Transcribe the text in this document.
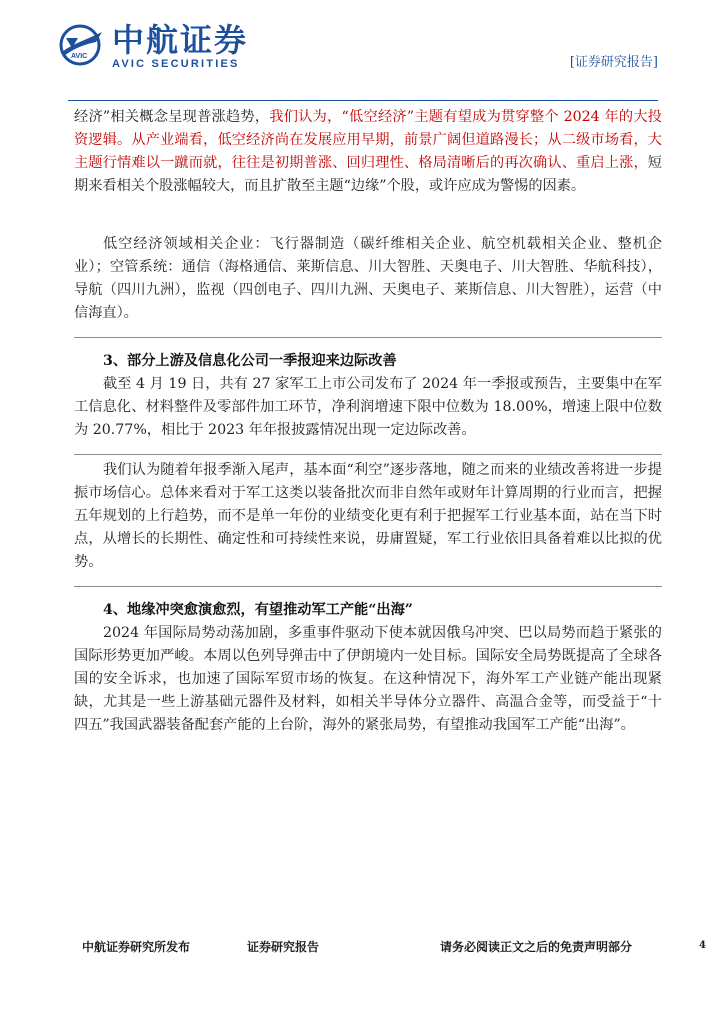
AVIC 中航证券
AVIC SECURITIES	[证券研究报告]

经济”相关概念呈现普涨趋势，我们认为，“低空经济”主题有望成为贯穿整个 2024 年的大投资逻辑。从产业端看，低空经济尚在发展应用早期，前景广阔但道路漫长；从二级市场看，大主题行情难以一蹴而就，往往是初期普涨、回归理性、格局清晰后的再次确认、重启上涨，短期来看相关个股涨幅较大，而且扩散至主题“边缘”个股，或许应成为警惕的因素。

低空经济领域相关企业：飞行器制造（碳纤维相关企业、航空机载相关企业、整机企业）；空管系统：通信（海格通信、莱斯信息、川大智胜、天奥电子、川大智胜、华航科技），导航（四川九洲），监视（四创电子、四川九洲、天奥电子、莱斯信息、川大智胜），运营（中信海直）。

3、部分上游及信息化公司一季报迎来边际改善

截至 4 月 19 日，共有 27 家军工上市公司发布了 2024 年一季报或预告，主要集中在军工信息化、材料整件及零部件加工环节，净利润增速下限中位数为 18.00%，增速上限中位数为 20.77%，相比于 2023 年年报披露情况出现一定边际改善。

我们认为随着年报季渐入尾声，基本面“利空”逐步落地，随之而来的业绩改善将进一步提振市场信心。总体来看对于军工这类以装备批次而非自然年或财年计算周期的行业而言，把握五年规划的上行趋势，而不是单一年份的业绩变化更有利于把握军工行业基本面，站在当下时点，从增长的长期性、确定性和可持续性来说，毋庸置疑，军工行业依旧具备着难以比拟的优势。

4、地缘冲突愈演愈烈，有望推动军工产能“出海”

2024 年国际局势动荡加剧，多重事件驱动下使本就因俄乌冲突、巴以局势而趋于紧张的国际形势更加严峻。本周以色列导弹击中了伊朗境内一处目标。国际安全局势既提高了全球各国的安全诉求，也加速了国际军贸市场的恢复。在这种情况下，海外军工产业链产能出现紧缺，尤其是一些上游基础元器件及材料，如相关半导体分立器件、高温合金等，而受益于“十四五”我国武器装备配套产能的上台阶，海外的紧张局势，有望推动我国军工产能“出海”。

中航证券研究所发布	证券研究报告	请务必阅读正文之后的免责声明部分	4
